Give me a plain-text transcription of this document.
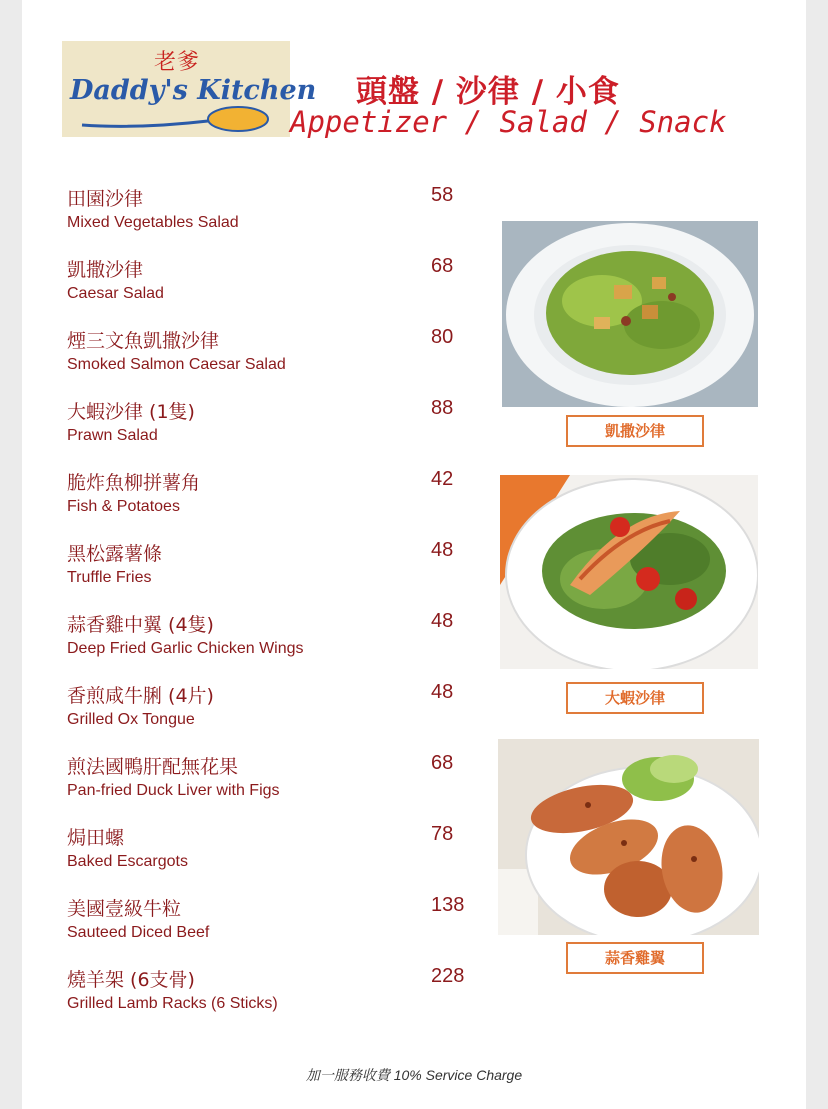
老爹
Daddy's Kitchen 頭盤 / 沙律 / 小食
Appetizer / Salad / Snack
田園沙律
Mixed Vegetables Salad
58
凱撒沙律
Caesar Salad
68
煙三文魚凱撒沙律
Smoked Salmon Caesar Salad
80
大蝦沙律 (1隻)
Prawn Salad
88
脆炸魚柳拼薯角
Fish & Potatoes
42
黑松露薯條
Truffle Fries
48
蒜香雞中翼 (4隻)
Deep Fried Garlic Chicken Wings
48
香煎咸牛脷 (4片)
Grilled Ox Tongue
48
煎法國鴨肝配無花果
Pan-fried Duck Liver with Figs
68
焗田螺
Baked Escargots
78
美國壹級牛粒
Sauteed Diced Beef
138
燒羊架 (6支骨)
Grilled Lamb Racks (6 Sticks)
228
凱撒沙律
大蝦沙律
蒜香雞翼
加一服務收費 10% Service Charge
